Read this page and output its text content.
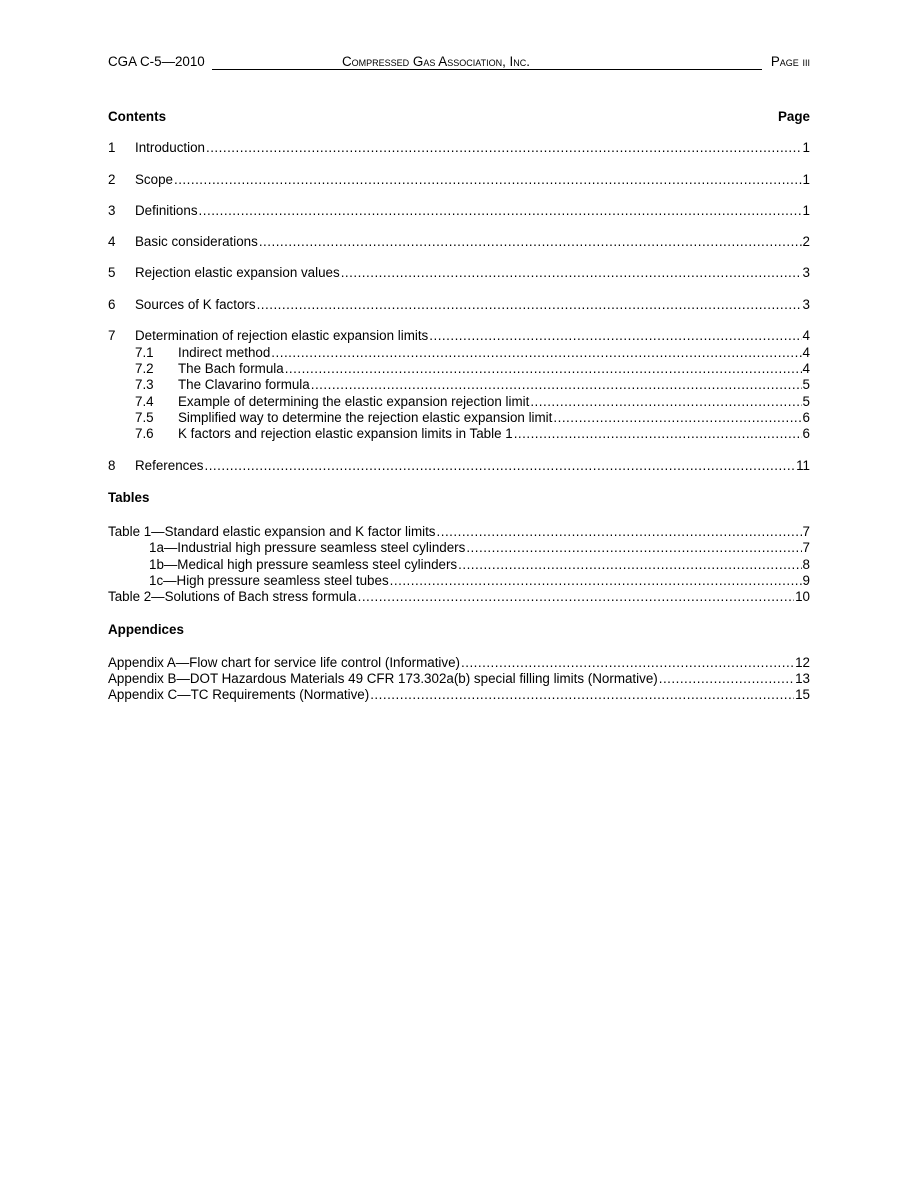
CGA C-5—2010	Compressed Gas Association, Inc.	Page iii
Contents	Page
1	Introduction .....	1
2	Scope .....	1
3	Definitions .....	1
4	Basic considerations .....	2
5	Rejection elastic expansion values .....	3
6	Sources of K factors .....	3
7	Determination of rejection elastic expansion limits .....	4
7.1	Indirect method .....	4
7.2	The Bach formula .....	4
7.3	The Clavarino formula .....	5
7.4	Example of determining the elastic expansion rejection limit .....	5
7.5	Simplified way to determine the rejection elastic expansion limit .....	6
7.6	K factors and rejection elastic expansion limits in Table 1 .....	6
8	References .....	11
Tables
Table 1—Standard elastic expansion and K factor limits .....	7
1a—Industrial high pressure seamless steel cylinders .....	7
1b—Medical high pressure seamless steel cylinders .....	8
1c—High pressure seamless steel tubes .....	9
Table 2—Solutions of Bach stress formula .....	10
Appendices
Appendix A—Flow chart for service life control (Informative) .....	12
Appendix B—DOT Hazardous Materials 49 CFR 173.302a(b) special filling limits (Normative) .....	13
Appendix C—TC Requirements (Normative) .....	15
